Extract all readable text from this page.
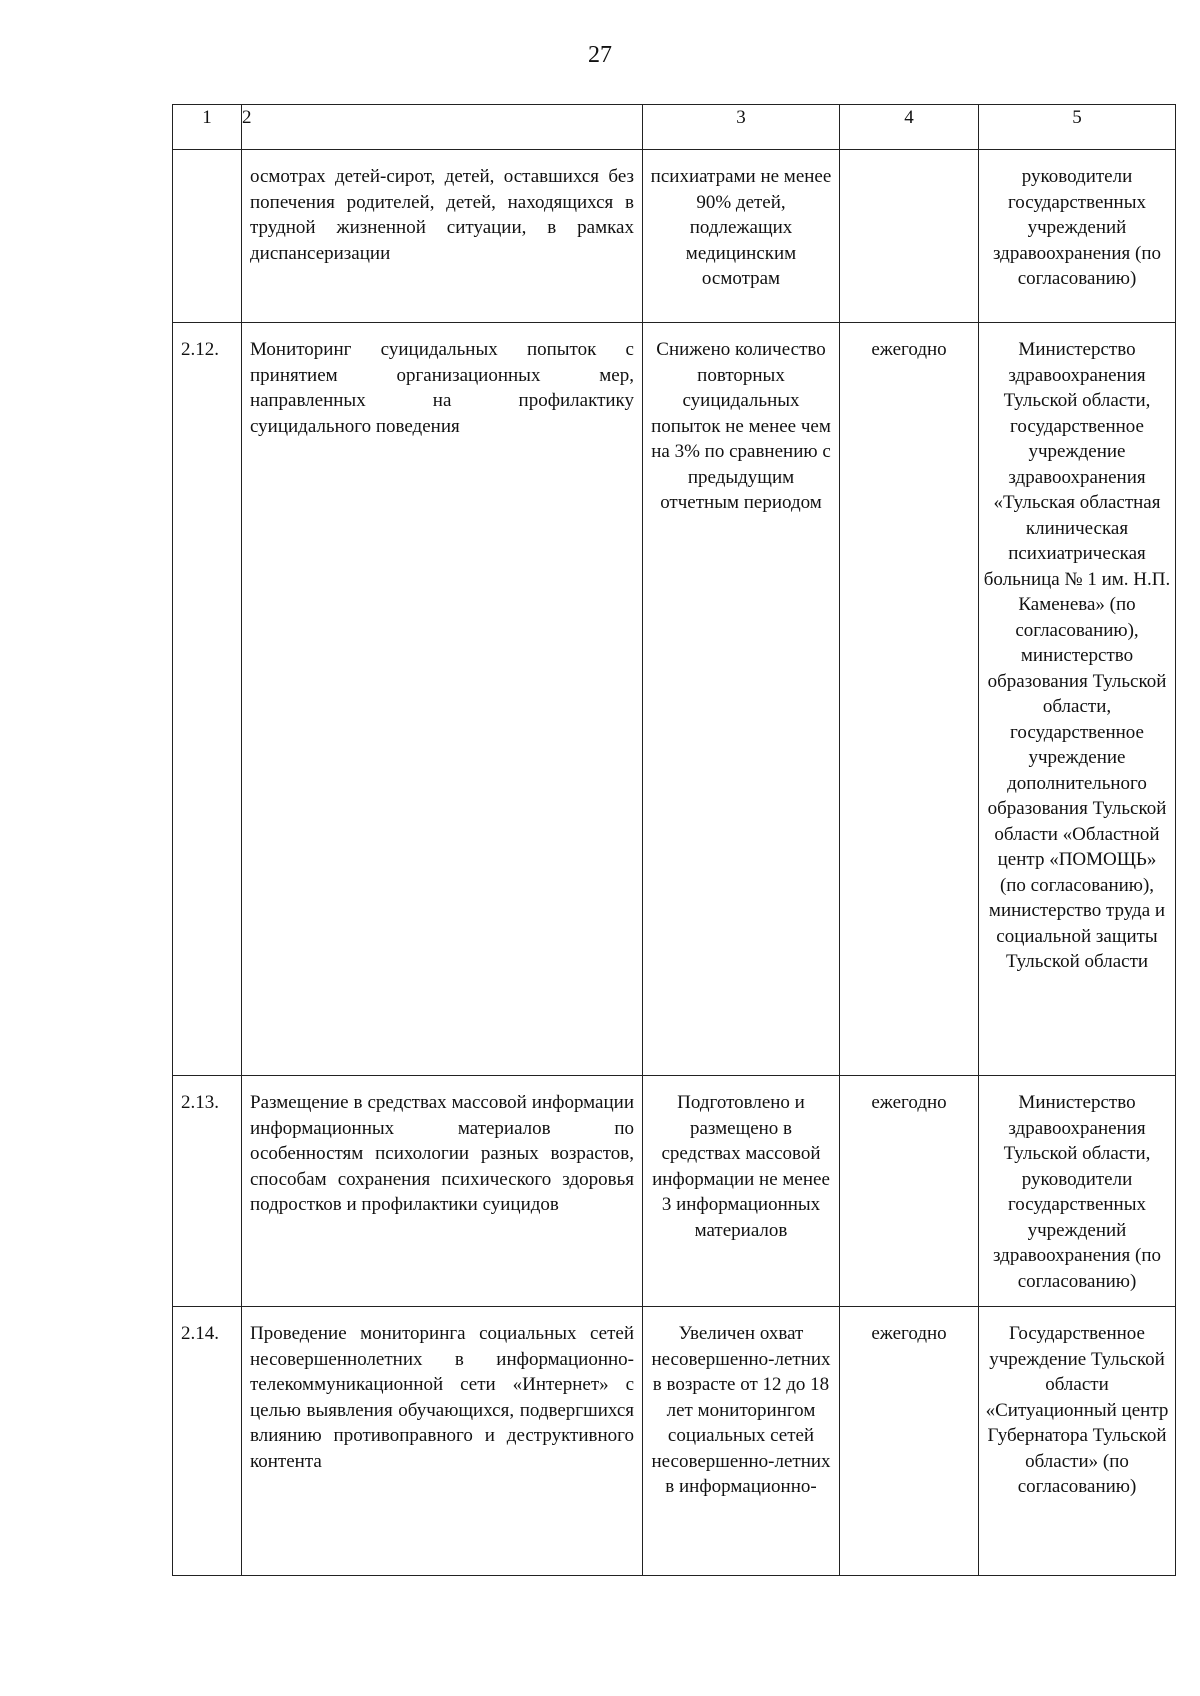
27
1	2	3	4	5
	осмотрах детей-сирот, детей, оставшихся без попечения родителей, детей, находящихся в трудной жизненной ситуации, в рамках диспансеризации	психиатрами не менее 90% детей, подлежащих медицинским осмотрам		руководители государственных учреждений здравоохранения (по согласованию)
2.12.	Мониторинг суицидальных попыток с принятием организационных мер, направленных на профилактику суицидального поведения	Снижено количество повторных суицидальных попыток не менее чем на 3% по сравнению с предыдущим отчетным периодом	ежегодно	Министерство здравоохранения Тульской области, государственное учреждение здравоохранения «Тульская областная клиническая психиатрическая больница № 1 им. Н.П. Каменева» (по согласованию), министерство образования Тульской области, государственное учреждение дополнительного образования Тульской области «Областной центр «ПОМОЩЬ» (по согласованию), министерство труда и социальной защиты Тульской области
2.13.	Размещение в средствах массовой информации информационных материалов по особенностям психологии разных возрастов, способам сохранения психического здоровья подростков и профилактики суицидов	Подготовлено и размещено в средствах массовой информации не менее 3 информационных материалов	ежегодно	Министерство здравоохранения Тульской области, руководители государственных учреждений здравоохранения (по согласованию)
2.14.	Проведение мониторинга социальных сетей несовершеннолетних в информационно-телекоммуникационной сети «Интернет» с целью выявления обучающихся, подвергшихся влиянию противоправного и деструктивного контента	Увеличен охват несовершенно-летних в возрасте от 12 до 18 лет мониторингом социальных сетей несовершенно-летних в информационно-	ежегодно	Государственное учреждение Тульской области «Ситуационный центр Губернатора Тульской области» (по согласованию)
